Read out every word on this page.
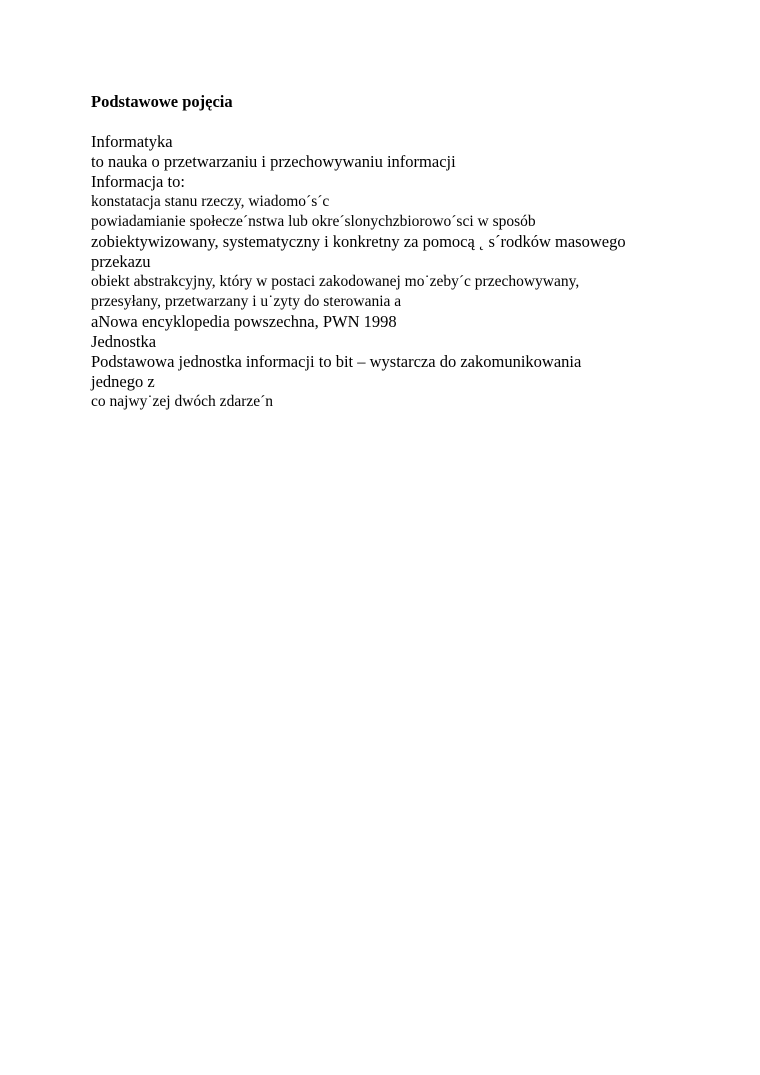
Podstawowe pojęcia
Informatyka
to nauka o przetwarzaniu i przechowywaniu informacji
Informacja to:
konstatacja stanu rzeczy, wiadomo´s´c
powiadamianie społecze´nstwa lub okre´slonychzbiorowo´sci w sposób
zobiektywizowany, systematyczny i konkretny za pomocą ˛ s´rodków masowego
przekazu
obiekt abstrakcyjny, który w postaci zakodowanej mo˙zeby´c przechowywany,
przesyłany, przetwarzany i u˙zyty do sterowania a
aNowa encyklopedia powszechna, PWN 1998
Jednostka
Podstawowa jednostka informacji to bit – wystarcza do zakomunikowania
jednego z
co najwy˙zej dwóch zdarze´n
